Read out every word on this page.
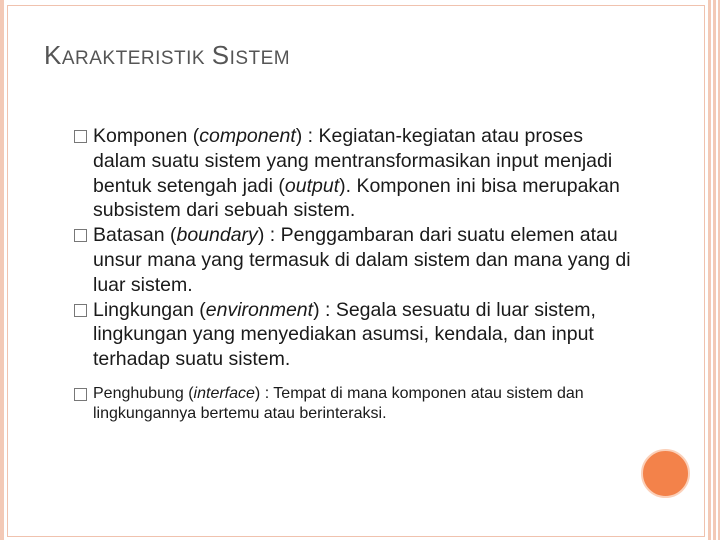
KARAKTERISTIK SISTEM
Komponen (component) : Kegiatan-kegiatan atau proses dalam suatu sistem yang mentransformasikan input menjadi bentuk setengah jadi (output). Komponen ini bisa merupakan subsistem dari sebuah sistem.
Batasan (boundary) : Penggambaran dari suatu elemen atau unsur mana yang termasuk di dalam sistem dan mana yang di luar sistem.
Lingkungan (environment) : Segala sesuatu di luar sistem, lingkungan yang menyediakan asumsi, kendala, dan input terhadap suatu sistem.
Penghubung (interface) : Tempat di mana komponen atau sistem dan lingkungannya bertemu atau berinteraksi.
